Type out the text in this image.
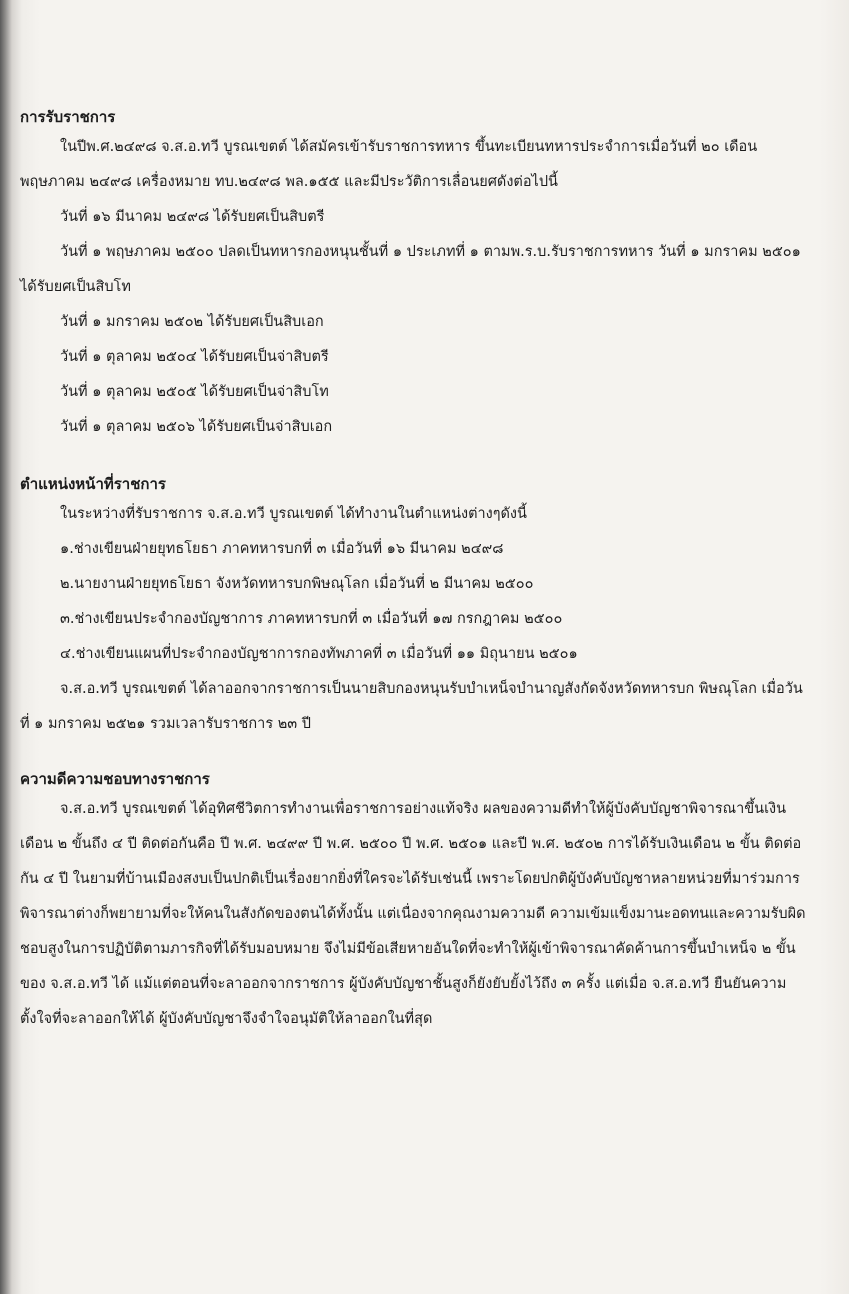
การรับราชการ

ในปีพ.ศ.๒๔๙๘ จ.ส.อ.ทวี บูรณเขตต์ ได้สมัครเข้ารับราชการทหาร ขึ้นทะเบียนทหารประจำการเมื่อวันที่ ๒๐ เดือนพฤษภาคม ๒๔๙๘ เครื่องหมาย ทบ.๒๔๙๘ พล.๑๕๕ และมีประวัติการเลื่อนยศดังต่อไปนี้

วันที่ ๑๖ มีนาคม ๒๔๙๘ ได้รับยศเป็นสิบตรี

วันที่ ๑ พฤษภาคม ๒๕๐๐ ปลดเป็นทหารกองหนุนชั้นที่ ๑ ประเภทที่ ๑ ตามพ.ร.บ.รับราชการทหาร วันที่ ๑ มกราคม ๒๕๐๑ ได้รับยศเป็นสิบโท

วันที่ ๑ มกราคม ๒๕๐๒ ได้รับยศเป็นสิบเอก

วันที่ ๑ ตุลาคม ๒๕๐๔ ได้รับยศเป็นจ่าสิบตรี

วันที่ ๑ ตุลาคม ๒๕๐๕ ได้รับยศเป็นจ่าสิบโท

วันที่ ๑ ตุลาคม ๒๕๐๖ ได้รับยศเป็นจ่าสิบเอก

ตำแหน่งหน้าที่ราชการ

ในระหว่างที่รับราชการ จ.ส.อ.ทวี บูรณเขตต์ ได้ทำงานในตำแหน่งต่างๆดังนี้

๑.ช่างเขียนฝ่ายยุทธโยธา ภาคทหารบกที่ ๓ เมื่อวันที่ ๑๖ มีนาคม ๒๔๙๘

๒.นายงานฝ่ายยุทธโยธา จังหวัดทหารบกพิษณุโลก เมื่อวันที่ ๒ มีนาคม ๒๕๐๐

๓.ช่างเขียนประจำกองบัญชาการ ภาคทหารบกที่ ๓ เมื่อวันที่ ๑๗ กรกฎาคม ๒๕๐๐

๔.ช่างเขียนแผนที่ประจำกองบัญชาการกองทัพภาคที่ ๓ เมื่อวันที่ ๑๑ มิถุนายน ๒๕๐๑

จ.ส.อ.ทวี บูรณเขตต์ ได้ลาออกจากราชการเป็นนายสิบกองหนุนรับบำเหน็จบำนาญสังกัดจังหวัดทหารบก พิษณุโลก เมื่อวันที่ ๑ มกราคม ๒๕๒๑ รวมเวลารับราชการ ๒๓ ปี

ความดีความชอบทางราชการ

จ.ส.อ.ทวี บูรณเขตต์ ได้อุทิศชีวิตการทำงานเพื่อราชการอย่างแท้จริง ผลของความดีทำให้ผู้บังคับบัญชาพิจารณาขึ้นเงินเดือน ๒ ขั้นถึง ๔ ปี ติดต่อกันคือ ปี พ.ศ. ๒๔๙๙ ปี พ.ศ. ๒๕๐๐ ปี พ.ศ. ๒๕๐๑ และปี พ.ศ. ๒๕๐๒ การได้รับเงินเดือน ๒ ขั้น ติดต่อกัน ๔ ปี ในยามที่บ้านเมืองสงบเป็นปกติเป็นเรื่องยากยิ่งที่ใครจะได้รับเช่นนี้ เพราะโดยปกติผู้บังคับบัญชาหลายหน่วยที่มาร่วมการพิจารณาต่างก็พยายามที่จะให้คนในสังกัดของตนได้ทั้งนั้น แต่เนื่องจากคุณงามความดี ความเข้มแข็งมานะอดทนและความรับผิดชอบสูงในการปฏิบัติตามภารกิจที่ได้รับมอบหมาย จึงไม่มีข้อเสียหายอันใดที่จะทำให้ผู้เข้าพิจารณาคัดค้านการขึ้นบำเหน็จ ๒ ขั้น ของ จ.ส.อ.ทวี ได้ แม้แต่ตอนที่จะลาออกจากราชการ ผู้บังคับบัญชาชั้นสูงก็ยังยับยั้งไว้ถึง ๓ ครั้ง แต่เมื่อ จ.ส.อ.ทวี ยืนยันความตั้งใจที่จะลาออกให้ได้ ผู้บังคับบัญชาจึงจำใจอนุมัติให้ลาออกในที่สุด
